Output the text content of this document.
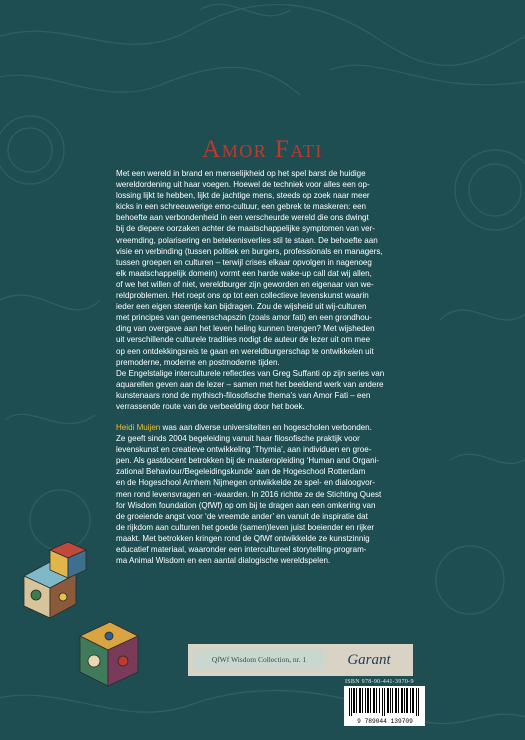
Amor Fati

Met een wereld in brand en menselijkheid op het spel barst de huidige

wereldordening uit haar voegen. Hoewel de techniek voor alles een op-

lossing lijkt te hebben, lijkt de jachtige mens, steeds op zoek naar meer

kicks in een schreeuwerige emo-cultuur, een gebrek te maskeren: een

behoefte aan verbondenheid in een verscheurde wereld die ons dwingt

bij de diepere oorzaken achter de maatschappelijke symptomen van ver-

vreemding, polarisering en betekenisverlies stil te staan. De behoefte aan

visie en verbinding (tussen politiek en burgers, professionals en managers,

tussen groepen en culturen – terwijl crises elkaar opvolgen in nagenoeg

elk maatschappelijk domein) vormt een harde wake-up call dat wij allen,

of we het willen of niet, wereldburger zijn geworden en eigenaar van we-

reldproblemen. Het roept ons op tot een collectieve levenskunst waarin

ieder een eigen steentje kan bijdragen. Zou de wijsheid uit wij-culturen

met principes van gemeenschapszin (zoals amor fati) en een grondhou-

ding van overgave aan het leven heling kunnen brengen? Met wijsheden

uit verschillende culturele tradities nodigt de auteur de lezer uit om mee

op een ontdekkingsreis te gaan en wereldburgerschap te ontwikkelen uit

premoderne, moderne en postmoderne tijden.

De Engelstalige interculturele reflecties van Greg Suffanti op zijn series van

aquarellen geven aan de lezer – samen met het beeldend werk van andere

kunstenaars rond de mythisch-filosofische thema’s van Amor Fati – een

verrassende route van de verbeelding door het boek.

Heidi Muijen was aan diverse universiteiten en hogescholen verbonden.

Ze geeft sinds 2004 begeleiding vanuit haar filosofische praktijk voor

levenskunst en creatieve ontwikkeling ‘Thymia’, aan individuen en groe-

pen. Als gastdocent betrokken bij de masteropleiding ‘Human and Organi-

zational Behaviour/Begeleidingskunde’ aan de Hogeschool Rotterdam

en de Hogeschool Arnhem Nijmegen ontwikkelde ze spel- en dialoogvor-

men rond levensvragen en -waarden. In 2016 richtte ze de Stichting Quest

for Wisdom foundation (QfWf) op om bij te dragen aan een omkering van

de groeiende angst voor ‘de vreemde ander’ en vanuit de inspiratie dat

de rijkdom aan culturen het goede (samen)leven juist boeiender en rijker

maakt. Met betrokken kringen rond de QfWf ontwikkelde ze kunstzinnig

educatief materiaal, waaronder een intercultureel storytelling-program-

ma Animal Wisdom en een aantal dialogische wereldspelen.

QfWf Wisdom Collection, nr. 1	Garant
ISBN 978-90-441-3970-9
9 789044 139709
